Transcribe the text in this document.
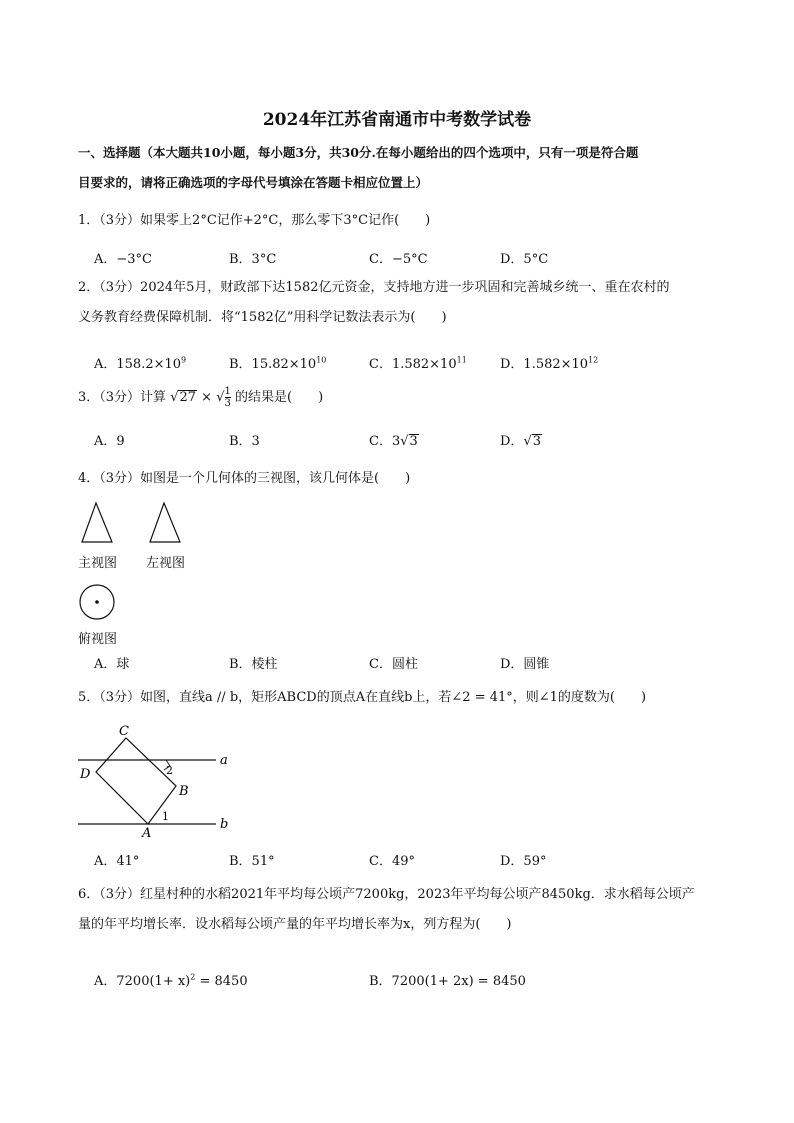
2024年江苏省南通市中考数学试卷
一、选择题（本大题共10小题，每小题3分，共30分.在每小题给出的四个选项中，只有一项是符合题
目要求的，请将正确选项的字母代号填涂在答题卡相应位置上）
1．（3分）如果零上2°C记作+2°C，那么零下3°C记作(　　)
A．−3°C	B．3°C	C．−5°C	D．5°C
2．（3分）2024年5月，财政部下达1582亿元资金，支持地方进一步巩固和完善城乡统一、重在农村的
义务教育经费保障机制．将“1582亿”用科学记数法表示为(　　)
A．$158.2\times 10^9$	B．$15.82\times 10^{10}$	C．$1.582\times 10^{11}$	D．$1.582\times 10^{12}$
3．（3分）计算 √27 × √ $\frac{1}{3}$ 的结果是(　　)
A．9	B．3	C．3√3	D．√3
4．（3分）如图是一个几何体的三视图，该几何体是(　　)
主视图 左视图
俯视图
A．球	B．棱柱	C．圆柱	D．圆锥
5．（3分）如图，直线a // b，矩形ABCD的顶点A在直线b上，若∠2 = 41°，则∠1的度数为(　　)
C
D
B
A
a
b
1
2
A．41°	B．51°	C．49°	D．59°
6．（3分）红星村种的水稻2021年平均每公顷产7200kg，2023年平均每公顷产8450kg．求水稻每公顷产
量的年平均增长率．设水稻每公顷产量的年平均增长率为x，列方程为(　　)
A．$7200(1+ x)^2 = 8450$	B．7200(1+ 2x) = 8450
